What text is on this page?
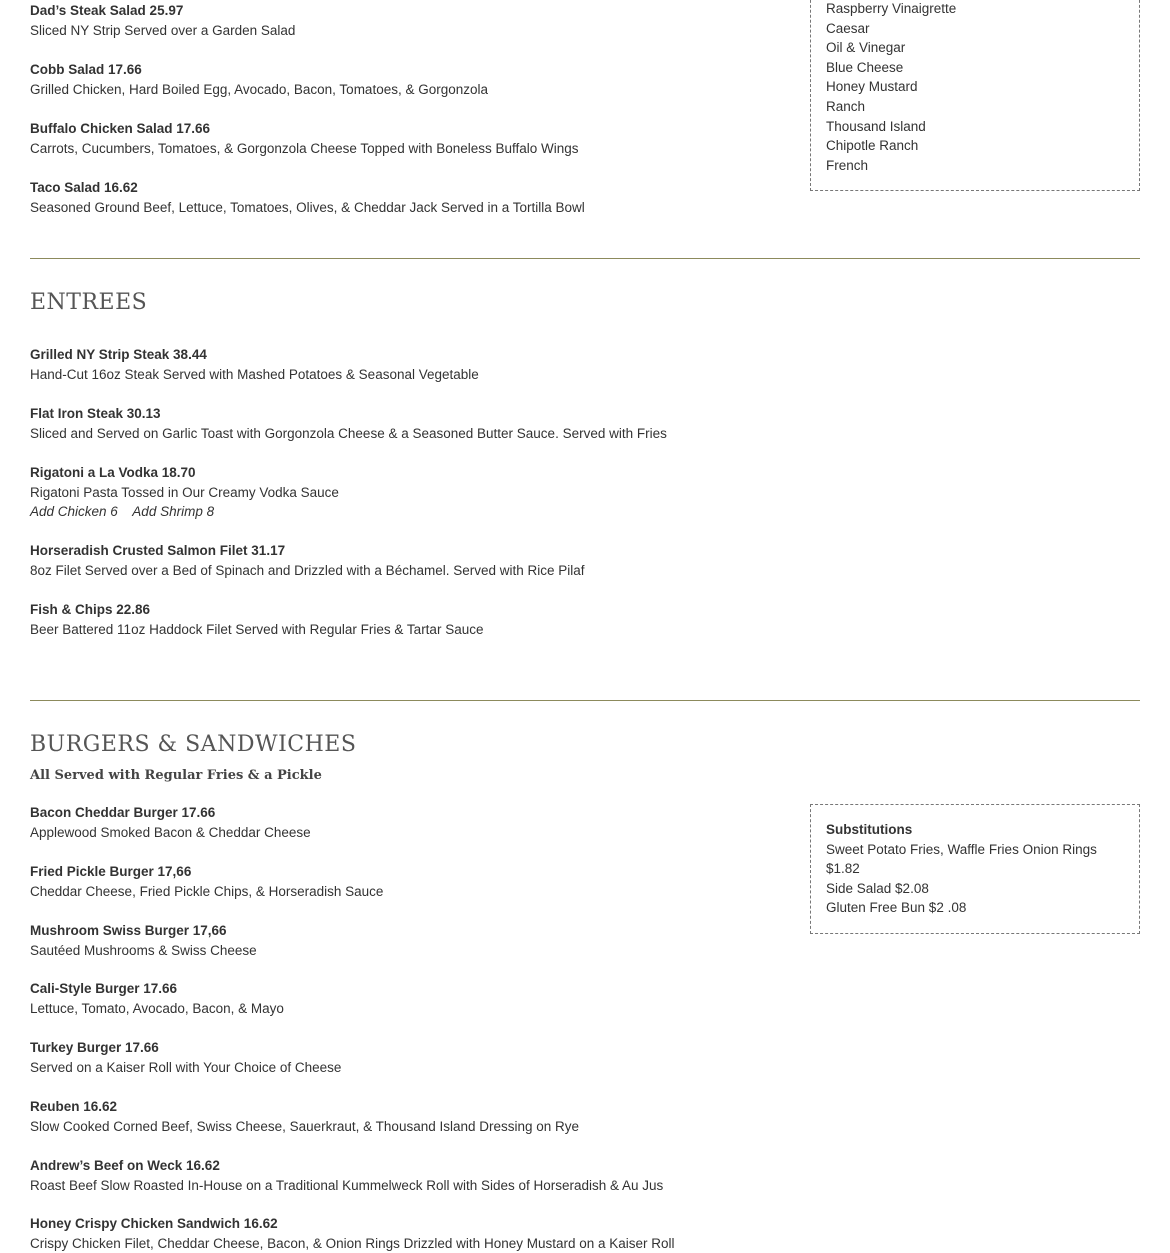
Dad’s Steak Salad 25.97
Sliced NY Strip Served over a Garden Salad
Cobb Salad 17.66
Grilled Chicken, Hard Boiled Egg, Avocado, Bacon, Tomatoes, & Gorgonzola
Buffalo Chicken Salad 17.66
Carrots, Cucumbers, Tomatoes, & Gorgonzola Cheese Topped with Boneless Buffalo Wings
Taco Salad 16.62
Seasoned Ground Beef, Lettuce, Tomatoes, Olives, & Cheddar Jack Served in a Tortilla Bowl
Raspberry Vinaigrette
Caesar
Oil & Vinegar
Blue Cheese
Honey Mustard
Ranch
Thousand Island
Chipotle Ranch
French
ENTREES
Grilled NY Strip Steak 38.44
Hand-Cut 16oz Steak Served with Mashed Potatoes & Seasonal Vegetable
Flat Iron Steak 30.13
Sliced and Served on Garlic Toast with Gorgonzola Cheese & a Seasoned Butter Sauce. Served with Fries
Rigatoni a La Vodka 18.70
Rigatoni Pasta Tossed in Our Creamy Vodka Sauce
Add Chicken 6    Add Shrimp 8
Horseradish Crusted Salmon Filet 31.17
8oz Filet Served over a Bed of Spinach and Drizzled with a Béchamel. Served with Rice Pilaf
Fish & Chips 22.86
Beer Battered 11oz Haddock Filet Served with Regular Fries & Tartar Sauce
BURGERS & SANDWICHES
All Served with Regular Fries & a Pickle
Bacon Cheddar Burger 17.66
Applewood Smoked Bacon & Cheddar Cheese
Fried Pickle Burger 17,66
Cheddar Cheese, Fried Pickle Chips, & Horseradish Sauce
Mushroom Swiss Burger 17,66
Sautéed Mushrooms & Swiss Cheese
Cali-Style Burger 17.66
Lettuce, Tomato, Avocado, Bacon, & Mayo
Turkey Burger 17.66
Served on a Kaiser Roll with Your Choice of Cheese
Reuben 16.62
Slow Cooked Corned Beef, Swiss Cheese, Sauerkraut, & Thousand Island Dressing on Rye
Andrew’s Beef on Weck 16.62
Roast Beef Slow Roasted In-House on a Traditional Kummelweck Roll with Sides of Horseradish & Au Jus
Honey Crispy Chicken Sandwich 16.62
Crispy Chicken Filet, Cheddar Cheese, Bacon, & Onion Rings Drizzled with Honey Mustard on a Kaiser Roll
Substitutions
Sweet Potato Fries, Waffle Fries Onion Rings
$1.82
Side Salad $2.08
Gluten Free Bun $2 .08
